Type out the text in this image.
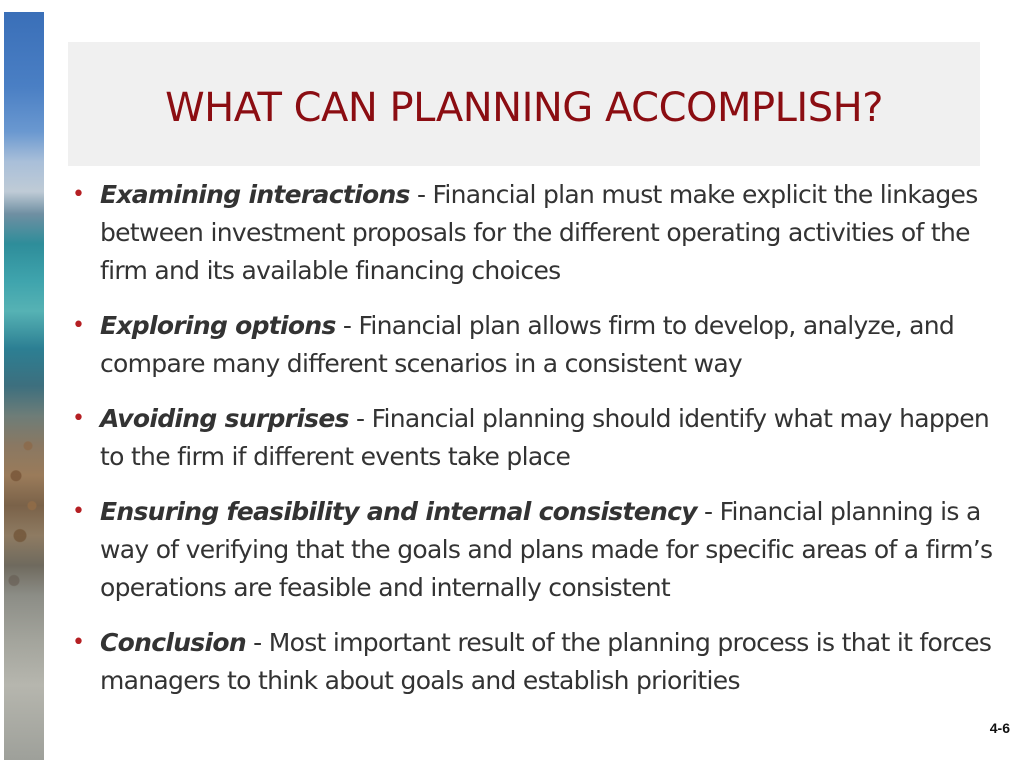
WHAT CAN PLANNING ACCOMPLISH?
• Examining interactions - Financial plan must make explicit the linkages between investment proposals for the different operating activities of the firm and its available financing choices
• Exploring options - Financial plan allows firm to develop, analyze, and compare many different scenarios in a consistent way
• Avoiding surprises - Financial planning should identify what may happen to the firm if different events take place
• Ensuring feasibility and internal consistency - Financial planning is a way of verifying that the goals and plans made for specific areas of a firm’s operations are feasible and internally consistent
• Conclusion - Most important result of the planning process is that it forces managers to think about goals and establish priorities
4-6
